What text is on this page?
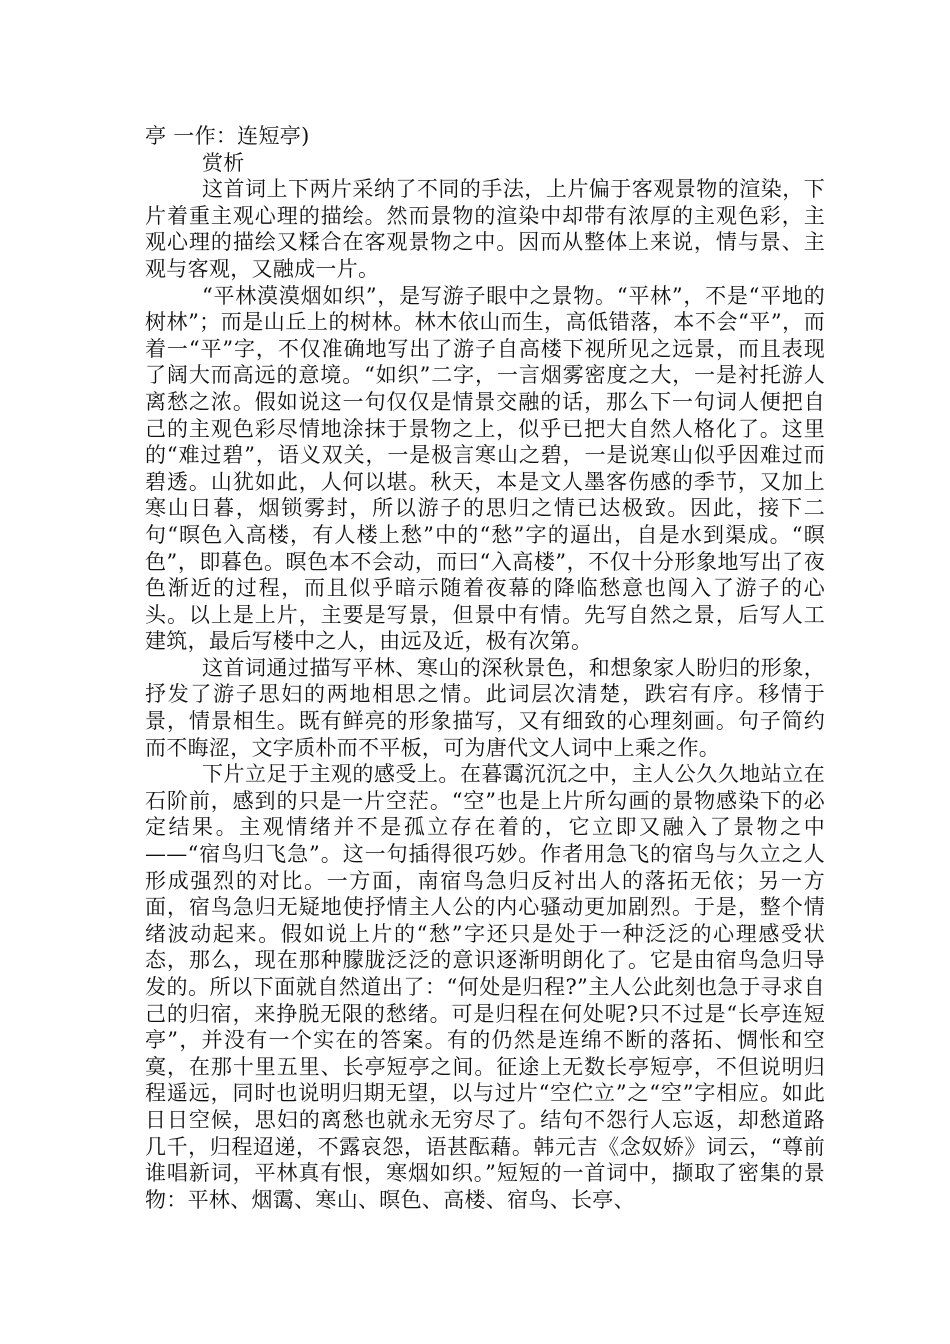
亭 一作：连短亭)

赏析

这首词上下两片采纳了不同的手法，上片偏于客观景物的渲染，下片着重主观心理的描绘。然而景物的渲染中却带有浓厚的主观色彩，主观心理的描绘又糅合在客观景物之中。因而从整体上来说，情与景、主观与客观，又融成一片。

“平林漠漠烟如织”，是写游子眼中之景物。“平林”，不是“平地的树林”；而是山丘上的树林。林木依山而生，高低错落，本不会“平”，而着一“平”字，不仅准确地写出了游子自高楼下视所见之远景，而且表现了阔大而高远的意境。“如织”二字，一言烟雾密度之大，一是衬托游人离愁之浓。假如说这一句仅仅是情景交融的话，那么下一句词人便把自己的主观色彩尽情地涂抹于景物之上，似乎已把大自然人格化了。这里的“难过碧”，语义双关，一是极言寒山之碧，一是说寒山似乎因难过而碧透。山犹如此，人何以堪。秋天，本是文人墨客伤感的季节，又加上寒山日暮，烟锁雾封，所以游子的思归之情已达极致。因此，接下二句“暝色入高楼，有人楼上愁”中的“愁”字的逼出，自是水到渠成。“暝色”，即暮色。暝色本不会动，而曰“入高楼”，不仅十分形象地写出了夜色渐近的过程，而且似乎暗示随着夜幕的降临愁意也闯入了游子的心头。以上是上片，主要是写景，但景中有情。先写自然之景，后写人工建筑，最后写楼中之人，由远及近，极有次第。

这首词通过描写平林、寒山的深秋景色，和想象家人盼归的形象，抒发了游子思妇的两地相思之情。此词层次清楚，跌宕有序。移情于景，情景相生。既有鲜亮的形象描写，又有细致的心理刻画。句子简约而不晦涩，文字质朴而不平板，可为唐代文人词中上乘之作。

下片立足于主观的感受上。在暮霭沉沉之中，主人公久久地站立在石阶前，感到的只是一片空茫。“空”也是上片所勾画的景物感染下的必定结果。主观情绪并不是孤立存在着的，它立即又融入了景物之中——“宿鸟归飞急”。这一句插得很巧妙。作者用急飞的宿鸟与久立之人形成强烈的对比。一方面，南宿鸟急归反衬出人的落拓无依；另一方面，宿鸟急归无疑地使抒情主人公的内心骚动更加剧烈。于是，整个情绪波动起来。假如说上片的“愁”字还只是处于一种泛泛的心理感受状态，那么，现在那种朦胧泛泛的意识逐渐明朗化了。它是由宿鸟急归导发的。所以下面就自然道出了：“何处是归程?”主人公此刻也急于寻求自己的归宿，来挣脱无限的愁绪。可是归程在何处呢?只不过是“长亭连短亭”，并没有一个实在的答案。有的仍然是连绵不断的落拓、惆怅和空寞，在那十里五里、长亭短亭之间。征途上无数长亭短亭，不但说明归程遥远，同时也说明归期无望，以与过片“空伫立”之“空”字相应。如此日日空候，思妇的离愁也就永无穷尽了。结句不怨行人忘返，却愁道路几千，归程迢递，不露哀怨，语甚酝藉。韩元吉《念奴娇》词云，“尊前谁唱新词，平林真有恨，寒烟如织。”短短的一首词中，撷取了密集的景物：平林、烟霭、寒山、暝色、高楼、宿鸟、长亭、
